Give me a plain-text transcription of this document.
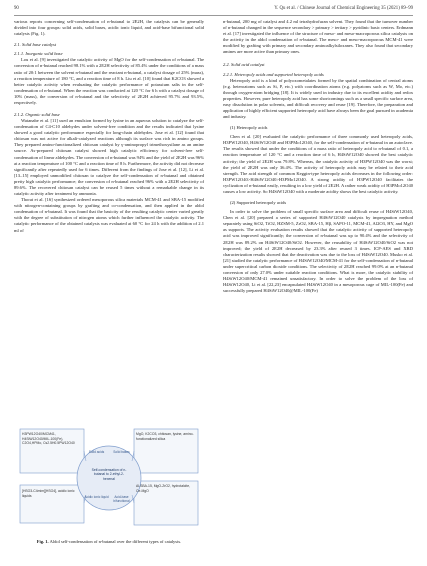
90	Y. Qu et al. / Chinese Journal of Chemical Engineering 35 (2021) 89–99

various reports concerning self-condensation of n-butanal to 2E2H, the catalysts can be generally divided into four groups: solid acids, solid bases, acidic ionic liquid, and acid-base bifunctional solid catalysts (Fig. 1).

2.1. Solid base catalyst
2.1.1. Inorganic solid base

Lou et al. [9] investigated the catalytic activity of MgO for the self-condensation of n-butanal. The conversion of n-butanal reached 98.1% with a 2E2H selectivity of 85.4% under the conditions of a mass ratio of 20:1 between the solvent n-butanal and the reactant n-butanal, a catalyst dosage of 25% (mass), a reaction temperature of 180 °C, and a reaction time of 8 h. Liu et al. [10] found that K2CO3 showed a better catalytic activity when evaluating the catalytic performance of potassium salts in the self-condensation of n-butanal. When the reaction was conducted at 120 °C for 6 h with a catalyst dosage of 10% (mass), the conversion of n-butanal and the selectivity of 2E2H achieved 95.7% and 93.5%, respectively.

2.1.2. Organic solid base

Watanabe et al. [11] used an emulsion formed by lysine in an aqueous solution to catalyze the self-condensation of C4-C10 aldehydes under solvent-free condition and the results indicated that lysine showed a good catalytic performance especially for long-chain aldehydes. Jose et al. [12] found that chitosan was not active for alkali-catalyzed reactions although its surface was rich in amino groups. They prepared amino-functionalized chitosan catalyst by γ-aminopropyl trimethoxysilane as an amine source. As-prepared chitosan catalyst showed high catalytic efficiency for solvent-free self-condensation of linear aldehydes. The conversion of n-butanal was 94% and the yield of 2E2H was 96% at a reaction temperature of 100 °C and a reaction time of 8 h. Furthermore, the activity did not decrease significantly after repeatedly used for 6 times. Different from the findings of Jose et al. [12], Li et al. [13–15] employed unmodified chitosan to catalyze the self-condensation of n-butanal and obtained pretty high catalytic performance; the conversion of n-butanal reached 96% with a 2E2H selectivity of 89.6%. The recovered chitosan catalyst can be reused 5 times without a remarkable change in its catalytic activity after treatment by ammonia.

Thorat et al. [16] synthesized ordered mesoporous silica materials MCM-41 and SBA-15 modified with nitrogen-containing groups by grafting and co-condensation, and then applied in the aldol condensation of n-butanal. It was found that the basicity of the resulting catalytic center varied greatly with the degree of substitution of nitrogen atoms which further influenced the catalytic activity. The catalytic performance of the obtained catalysts was evaluated at 60 °C for 24 h with the addition of 2.1 ml of

n-butanal, 200 mg of catalyst and 4.2 ml tetrahydrofuran solvent. They found that the turnover number of n-butanal changed in the sequence secondary > primary > tertiary > pyridinic basic centers. Erdmann et al. [17] investigated the influence of the structure of meso- and meso-macroporous silica catalysts on the activity in the aldol condensation of n-butanal. The meso- and meso-macroporous MCM-41 were modified by grafting with primary and secondary aminoalkylsiloxanes. They also found that secondary amines are more active than primary ones.

2.2. Solid acid catalyst
2.2.1. Heteropoly acids and supported heteropoly acids

Heteropoly acid is a kind of polyoxometalates formed by the spatial combination of central atoms (e.g. heteroatoms such as Si, P, etc.) with coordination atoms (e.g. polyatoms such as W, Mo, etc.) through oxygen-atom bridging [18]. It is widely used in industry due to its excellent acidity and redox properties. However, pure heteropoly acid has some shortcomings such as a small specific surface area, easy dissolution in polar solvents, and difficult recovery and reuse [19]. Therefore, the preparation and application of highly efficient supported heteropoly acid have always been the goal pursued in academia and industry.

(1) Heteropoly acids

Chen et al. [20] evaluated the catalytic performance of three commonly used heteropoly acids, H3PW12O40, H4SiW12O40 and H3PMo12O40, for the self-condensation of n-butanal in an autoclave. The results showed that under the conditions of a mass ratio of heteropoly acid to n-butanal of 0.1, a reaction temperature of 120 °C and a reaction time of 6 h, H4SiW12O40 showed the best catalytic activity; the yield of 2E2H was 79.8%. Whereas, the catalytic activity of H3PW12O40 was the worst; the yield of 2E2H was only 36.4%. The activity of heteropoly acids may be related to their acid strength. The acid strength of common Keggin-type heteropoly acids decreases in the following order: H3PW12O40>H4SiW12O40>H3PMo12O40. A strong acidity of H3PW12O40 facilitates the cyclization of n-butanal easily, resulting in a low yield of 2E2H. A rather weak acidity of H3PMo12O40 causes a low activity. So H4SiW12O40 with a moderate acidity shows the best catalytic activity.

(2) Supported heteropoly acids

In order to solve the problem of small specific surface area and difficult reuse of H4SiW12O40, Chen et al. [20] prepared a series of supported H4SiW12O40 catalysts by impregnation method separately using SiO2, TiO2, HZSM-5, ZrO2, SBA-15, Hβ, SAPO-11, MCM-41, Al2O3, HY, and MgO as supports. The activity evaluation results showed that the catalytic activity of supported heteropoly acid was improved significantly; the conversion of n-butanal was up to 90.4% and the selectivity of 2E2H was 89.2% on H4SiW12O40/SiO2. However, the reusability of H4SiW12O40/SiO2 was not improved; the yield of 2E2H decreased by 23.3% after reused 3 times. ICP-AES and XRD characterization results showed that the deactivation was due to the loss of H4SiW12O40. Musko et al. [21] studied the catalytic performance of H4SiW12O40/MCM-41 for the self-condensation of n-butanal under supercritical carbon dioxide conditions. The selectivity of 2E2H reached 99.0% at an n-butanal conversion of only 27.0% under suitable reaction conditions. What is more, the catalytic stability of H4SiW12O40/MCM-41 remained unsatisfactory. In order to solve the problem of the loss of H4SiW12O40, Li et al. [22,23] encapsulated H4SiW12O40 in a mesoporous cage of MIL-100(Fe) and successfully prepared H4SiW12O40@MIL-100(Fe)

H3PW12O40/MCM41, H4SiW12O40/MIL-100(Fe), C2O4,HPMo, Cs2.5H0.5PW12O40
MgO, K2CO3, chitosan, lysine, amino-functionalized silica
[HSO3-C4mim][HSO4], acidic ionic liquids
Al-SBA-15, MgO-ZrO2, hydrotalcite, Ce-MgO
Solid acids	Solid bases
Acidic ionic liquid	Acid-base bifunctional
Self-condensation of n-butanal to 2-ethyl-2-hexenal
Fig. 1. Aldol self-condensation of n-butanal over the different types of catalysts.
